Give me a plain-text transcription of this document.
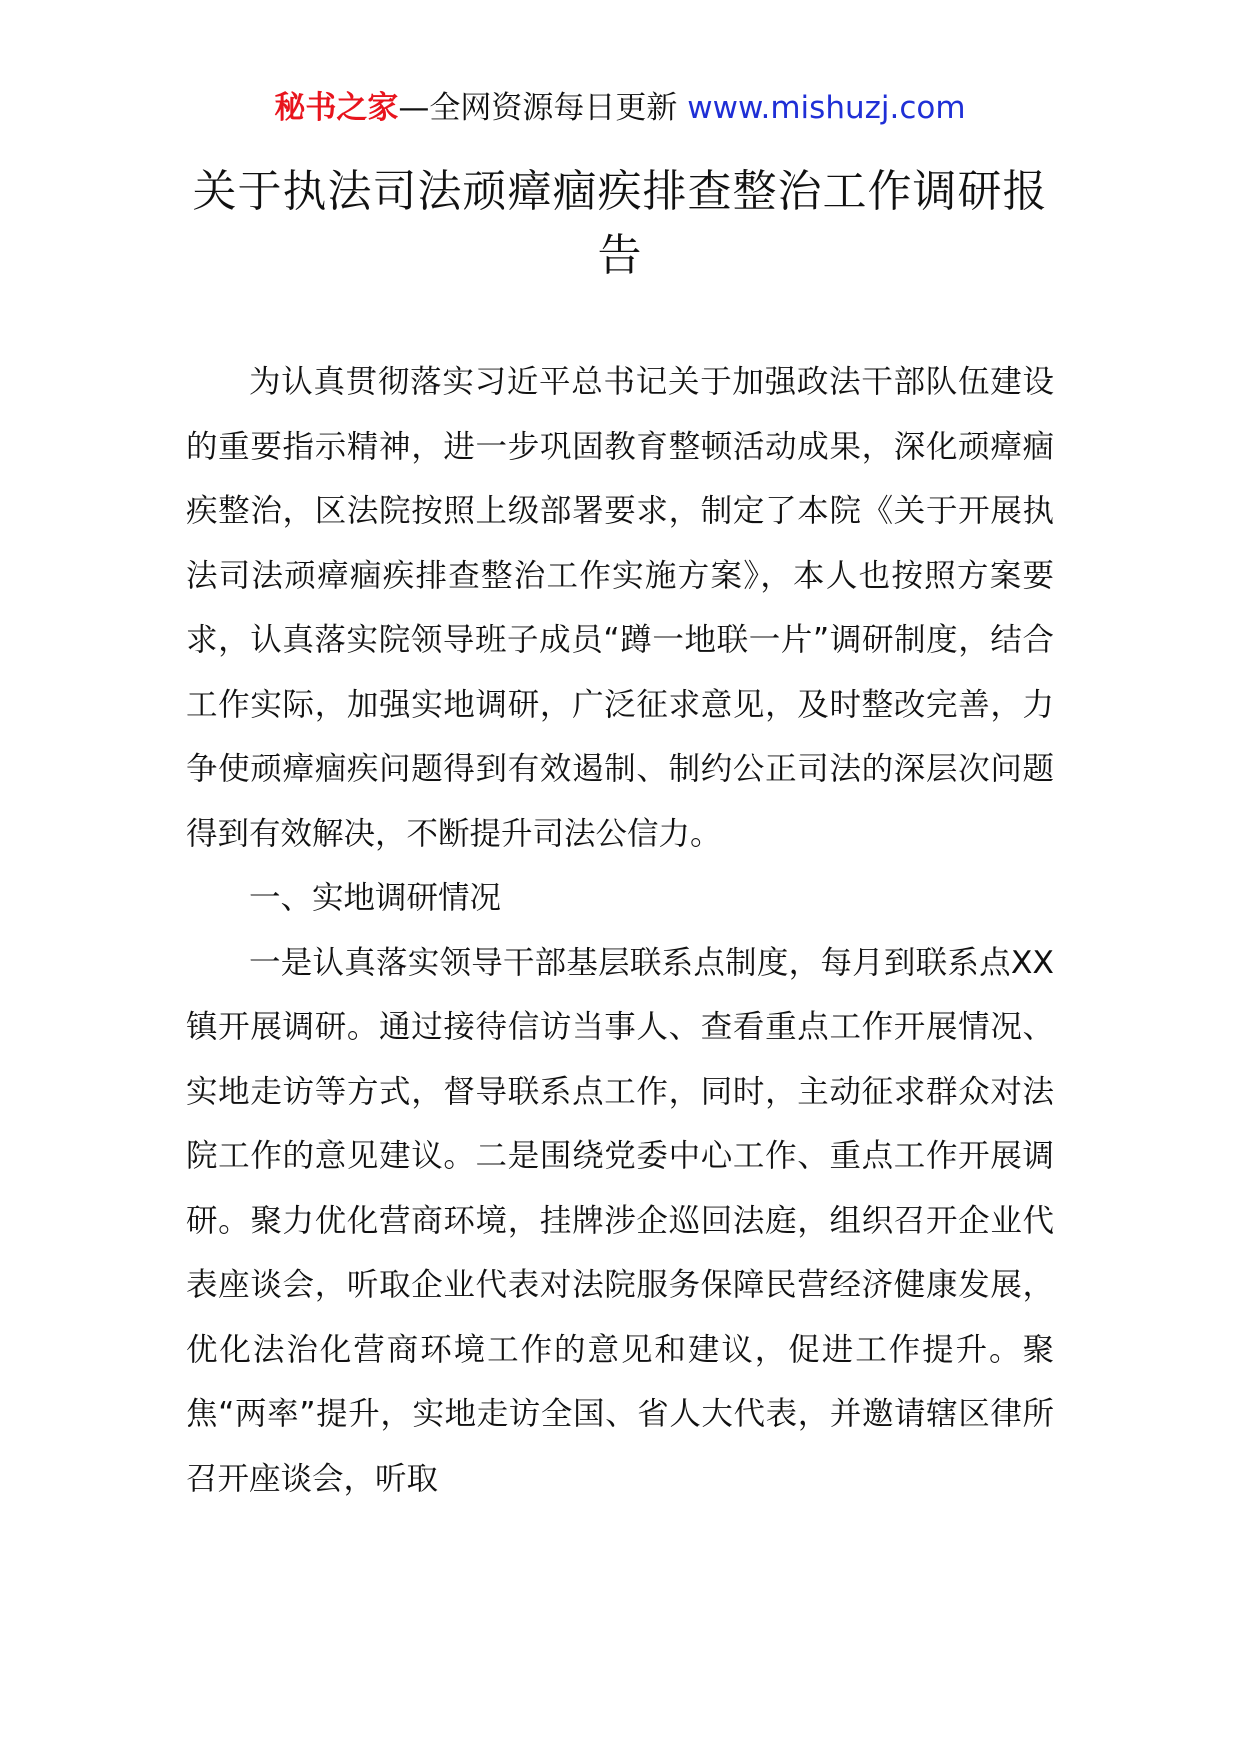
秘书之家—全网资源每日更新 www.mishuzj.com
关于执法司法顽瘴痼疾排查整治工作调研报告

为认真贯彻落实习近平总书记关于加强政法干部队伍建设的重要指示精神，进一步巩固教育整顿活动成果，深化顽瘴痼疾整治，区法院按照上级部署要求，制定了本院《关于开展执法司法顽瘴痼疾排查整治工作实施方案》，本人也按照方案要求，认真落实院领导班子成员“蹲一地联一片”调研制度，结合工作实际，加强实地调研，广泛征求意见，及时整改完善，力争使顽瘴痼疾问题得到有效遏制、制约公正司法的深层次问题得到有效解决，不断提升司法公信力。

一、实地调研情况

一是认真落实领导干部基层联系点制度，每月到联系点XX镇开展调研。通过接待信访当事人、查看重点工作开展情况、实地走访等方式，督导联系点工作，同时，主动征求群众对法院工作的意见建议。二是围绕党委中心工作、重点工作开展调研。聚力优化营商环境，挂牌涉企巡回法庭，组织召开企业代表座谈会，听取企业代表对法院服务保障民营经济健康发展，优化法治化营商环境工作的意见和建议，促进工作提升。聚焦“两率”提升，实地走访全国、省人大代表，并邀请辖区律所召开座谈会，听取
